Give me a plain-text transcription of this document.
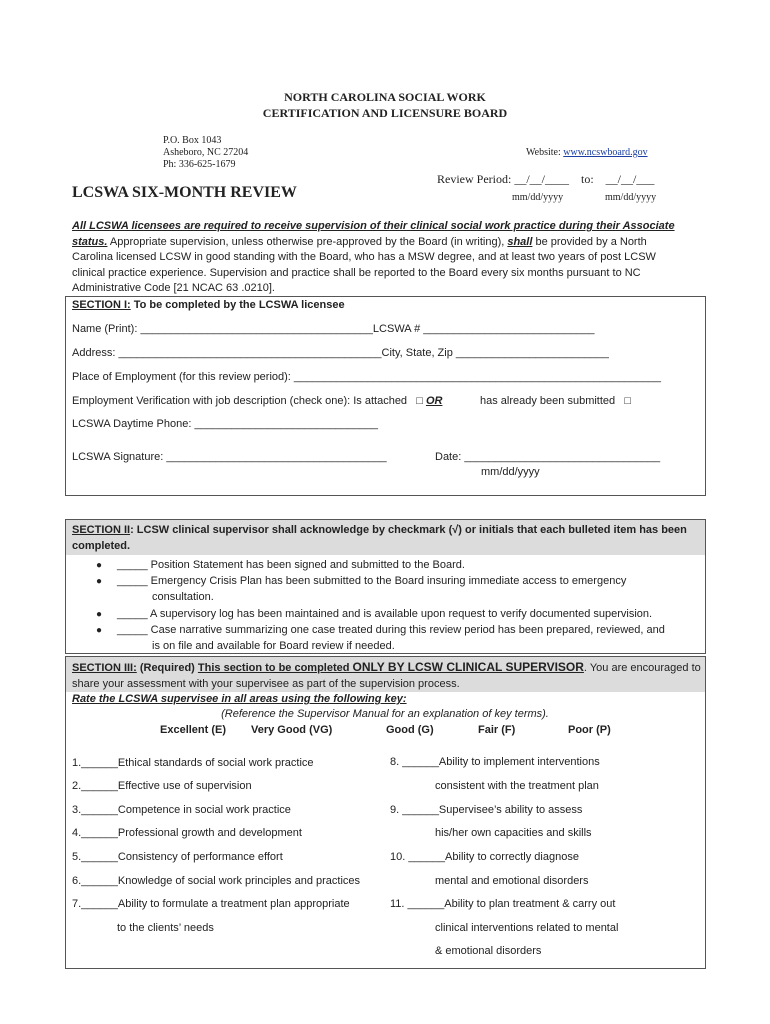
NORTH CAROLINA SOCIAL WORK
CERTIFICATION AND LICENSURE BOARD
P.O. Box 1043
Asheboro, NC 27204
Ph: 336-625-1679
Website: www.ncswboard.gov
Review Period: __/__/____ to: __/__/___
mm/dd/yyyy	mm/dd/yyyy
LCSWA SIX-MONTH REVIEW
All LCSWA licensees are required to receive supervision of their clinical social work practice during their Associate
status. Appropriate supervision, unless otherwise pre-approved by the Board (in writing), shall be provided by a North
Carolina licensed LCSW in good standing with the Board, who has a MSW degree, and at least two years of post LCSW
clinical practice experience. Supervision and practice shall be reported to the Board every six months pursuant to NC
Administrative Code [21 NCAC 63 .0210].
SECTION I: To be completed by the LCSWA licensee
Name (Print): ______________________________________LCSWA # ____________________________
Address: ___________________________________________City, State, Zip _________________________
Place of Employment (for this review period): ____________________________________________________________
Employment Verification with job description (check one): Is attached □ OR	has already been submitted □
LCSWA Daytime Phone: ______________________________
LCSWA Signature: ____________________________________	Date: ________________________________
mm/dd/yyyy
SECTION II: LCSW clinical supervisor shall acknowledge by checkmark (√) or initials that each bulleted item has been
completed.
● _____ Position Statement has been signed and submitted to the Board.
● _____ Emergency Crisis Plan has been submitted to the Board insuring immediate access to emergency
consultation.
● _____ A supervisory log has been maintained and is available upon request to verify documented supervision.
● _____ Case narrative summarizing one case treated during this review period has been prepared, reviewed, and
is on file and available for Board review if needed.
SECTION III: (Required) This section to be completed ONLY BY LCSW CLINICAL SUPERVISOR. You are encouraged to
share your assessment with your supervisee as part of the supervision process.
Rate the LCSWA supervisee in all areas using the following key:
(Reference the Supervisor Manual for an explanation of key terms).
Excellent (E) Very Good (VG)	Good (G)	Fair (F)	Poor (P)
1.______Ethical standards of social work practice
2.______Effective use of supervision
3.______Competence in social work practice
4.______Professional growth and development
5.______Consistency of performance effort
6.______Knowledge of social work principles and practices
7.______Ability to formulate a treatment plan appropriate
to the clients’ needs
8. ______Ability to implement interventions
consistent with the treatment plan
9. ______Supervisee’s ability to assess
his/her own capacities and skills
10. ______Ability to correctly diagnose
mental and emotional disorders
11. ______Ability to plan treatment & carry out
clinical interventions related to mental
& emotional disorders
